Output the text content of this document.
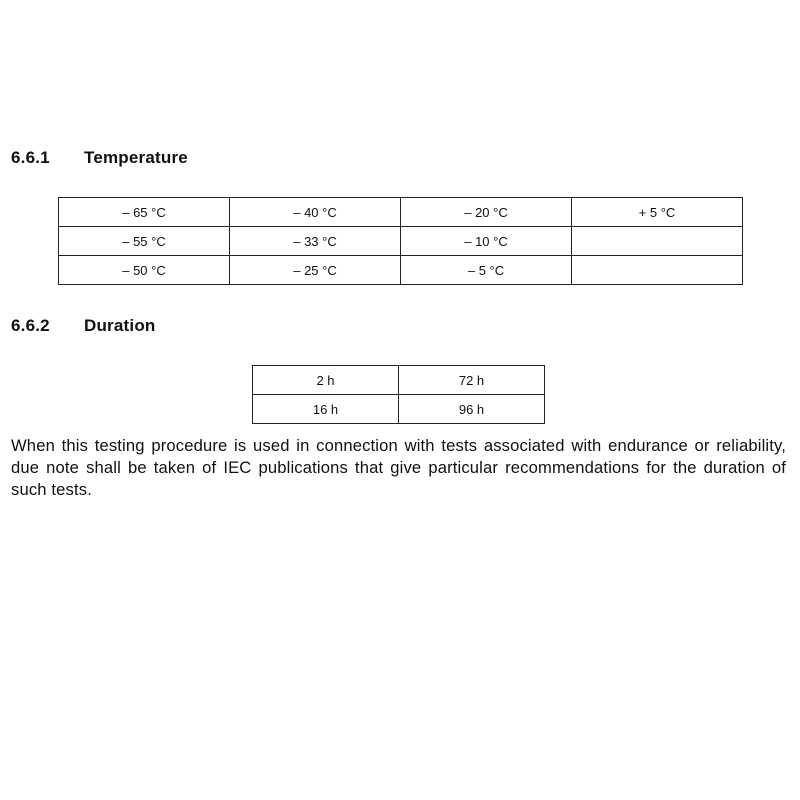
6.6.1 Temperature
– 65 °C	– 40 °C	– 20 °C	+ 5 °C
– 55 °C	– 33 °C	– 10 °C	
– 50 °C	– 25 °C	– 5 °C	
6.6.2 Duration
2 h	72 h
16 h	96 h

When this testing procedure is used in connection with tests associated with endurance or reliability, due note shall be taken of IEC publications that give particular recommendations for the duration of such tests.
